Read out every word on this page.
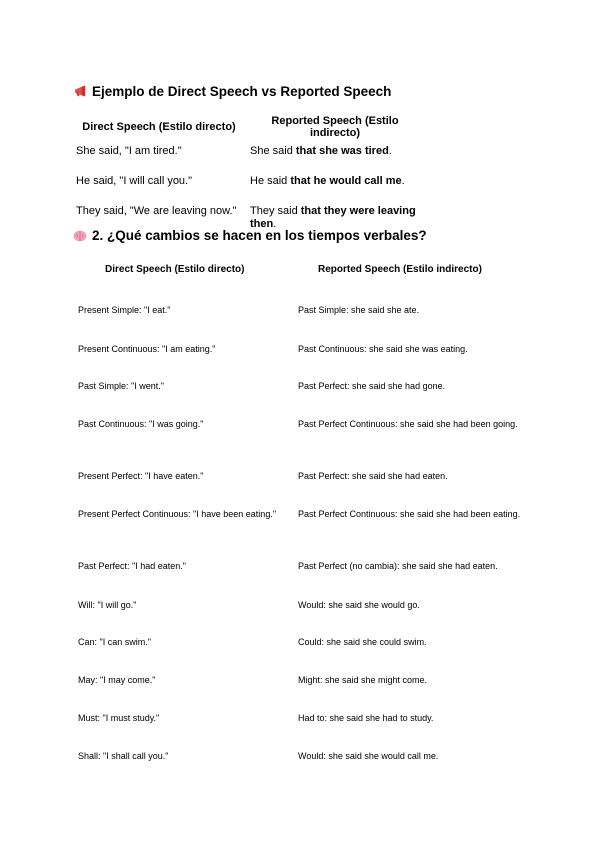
Ejemplo de Direct Speech vs Reported Speech
Direct Speech (Estilo directo)	Reported Speech (Estilo indirecto)
She said, "I am tired."	She said that she was tired.
He said, "I will call you."	He said that he would call me.
They said, "We are leaving now."	They said that they were leaving then.
2. ¿Qué cambios se hacen en los tiempos verbales?
Direct Speech (Estilo directo)	Reported Speech (Estilo indirecto)
Present Simple: "I eat."	Past Simple: she said she ate.
Present Continuous: "I am eating."	Past Continuous: she said she was eating.
Past Simple: "I went."	Past Perfect: she said she had gone.
Past Continuous: "I was going."	Past Perfect Continuous: she said she had been going.
Present Perfect: "I have eaten."	Past Perfect: she said she had eaten.
Present Perfect Continuous: "I have been eating." Past Perfect Continuous: she said she had been eating.
Past Perfect: "I had eaten."	Past Perfect (no cambia): she said she had eaten.
Will: "I will go."	Would: she said she would go.
Can: "I can swim."	Could: she said she could swim.
May: "I may come."	Might: she said she might come.
Must: "I must study."	Had to: she said she had to study.
Shall: "I shall call you."	Would: she said she would call me.
